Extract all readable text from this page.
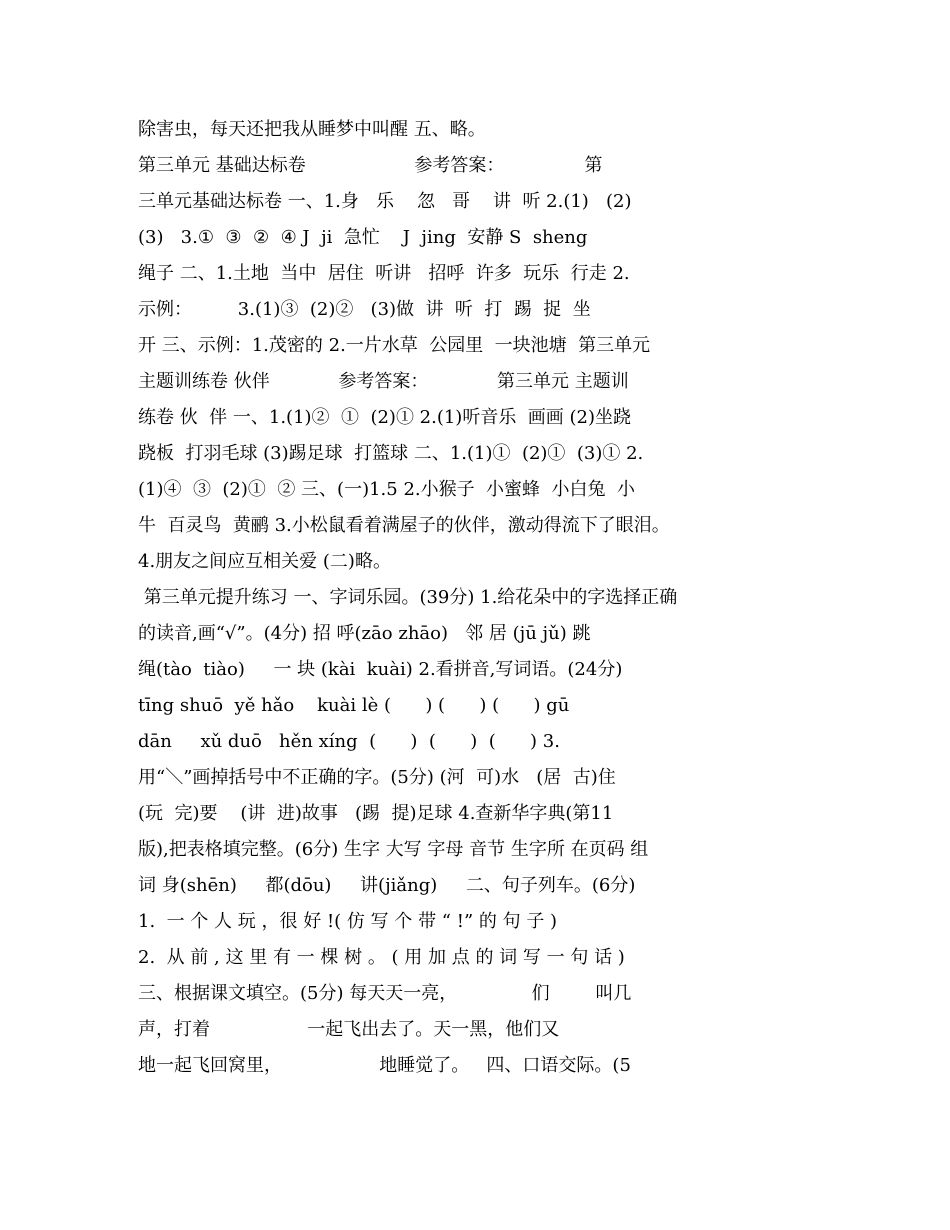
除害虫，每天还把我从睡梦中叫醒 五、略。
第三单元 基础达标卷                   参考答案：              第
三单元基础达标卷 一、1.身   乐    忽   哥    讲  听 2.(1)   (2)
(3)   3.①  ③  ②  ④ J  ji  急忙    J  jing  安静 S  sheng
绳子 二、1.土地  当中  居住  听讲   招呼  许多  玩乐  行走 2.
示例：        3.(1)③  (2)②   (3)做  讲  听  打  踢  捉  坐
开 三、示例：1.茂密的 2.一片水草  公园里  一块池塘  第三单元
主题训练卷 伙伴            参考答案：            第三单元 主题训
练卷 伙  伴 一、1.(1)②  ①  (2)① 2.(1)听音乐  画画 (2)坐跷
跷板  打羽毛球 (3)踢足球  打篮球 二、1.(1)①  (2)①  (3)① 2.
(1)④  ③  (2)①  ② 三、(一)1.5 2.小猴子  小蜜蜂  小白兔  小
牛  百灵鸟  黄鹂 3.小松鼠看着满屋子的伙伴，激动得流下了眼泪。
4.朋友之间应互相关爱 (二)略。
第三单元提升练习 一、字词乐园。(39分) 1.给花朵中的字选择正确
的读音,画“√”。(4分) 招 呼(zāo zhāo)   邻 居 (jū jǔ) 跳
绳(tào  tiào)     一 块 (kài  kuài) 2.看拼音,写词语。(24分)
tīng shuō  yě hǎo    kuài lè (      ) (      ) (      ) gū
dān     xǔ duō   hěn xíng  (      )  (      )  (      ) 3.
用“＼”画掉括号中不正确的字。(5分) (河  可)水   (居  古)住
(玩  完)要    (讲  进)故事   (踢  提)足球 4.查新华字典(第11
版),把表格填完整。(6分) 生字 大写 字母 音节 生字所 在页码 组
词 身(shēn)     都(dōu)     讲(jiǎng)     二、句子列车。(6分)
1.  一 个 人 玩 ，很 好 !( 仿 写 个 带 “ !” 的 句 子 )
2.  从 前 , 这 里 有 一 棵 树 。 ( 用 加 点 的 词 写 一 句 话 )
三、根据课文填空。(5分) 每天天一亮，             们        叫几
声，打着                 一起飞出去了。天一黑，他们又
地一起飞回窝里，                 地睡觉了。   四、口语交际。(5
